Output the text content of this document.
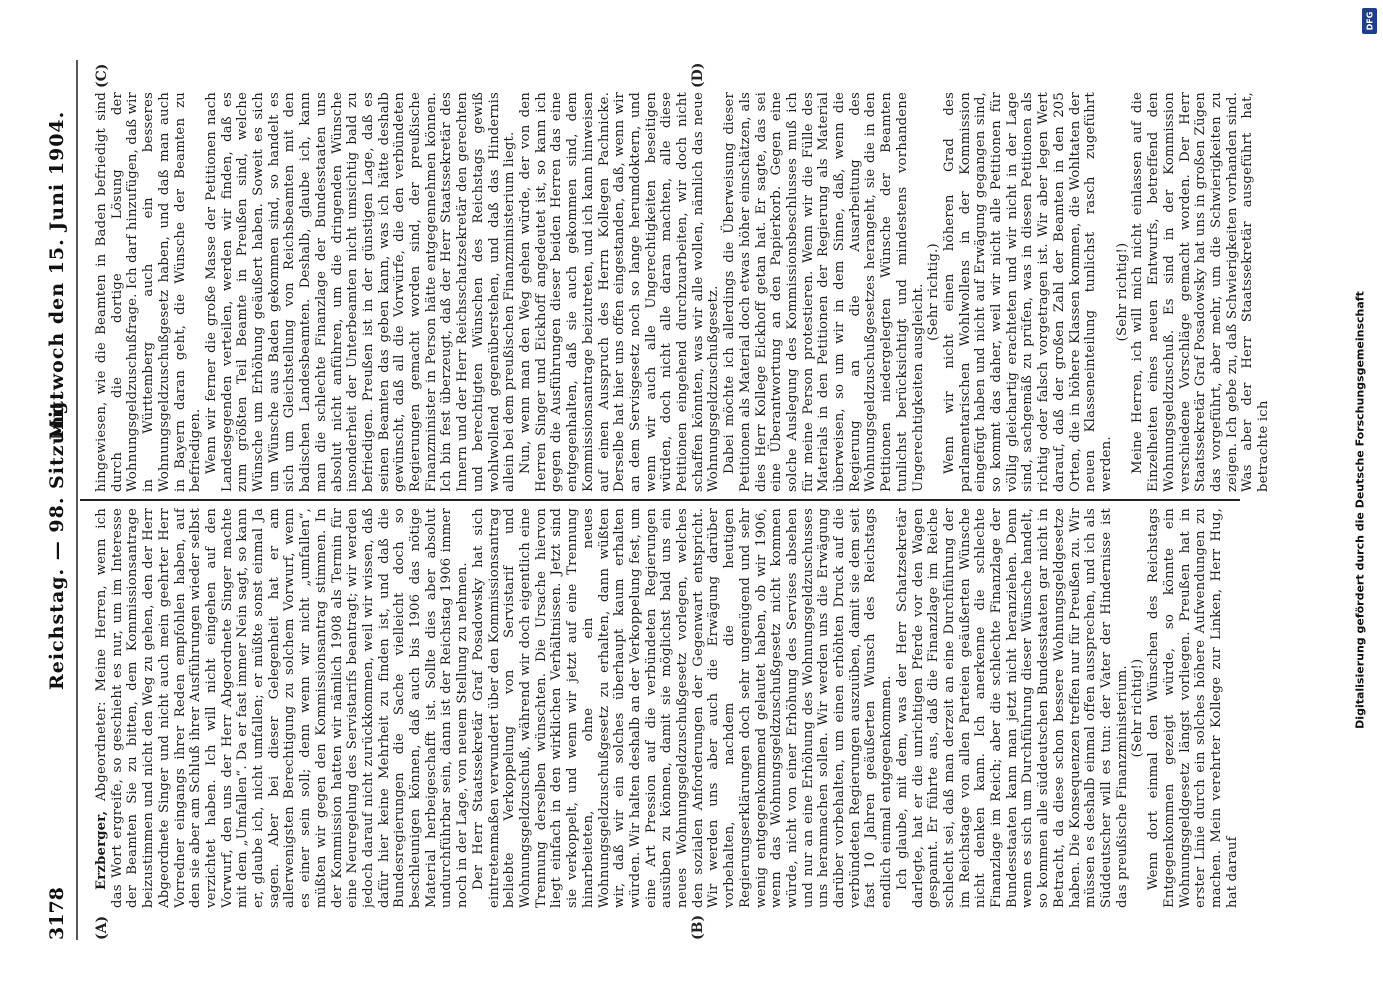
3178
Reichstag. — 98. Sitzung.
Mittwoch den 15. Juni 1904.
(A)	(B)
(C)	(D)

Erzberger, Abgeordneter: Meine Herren, wenn ich das Wort ergreife, so geschieht es nur, um im Interesse der Beamten Sie zu bitten, dem Kommissionsantrage beizustimmen und nicht den Weg zu gehen, den der Herr Abgeordnete Singer und nicht auch mein geehrter Herr Vorredner eingangs ihrer Reden empfohlen haben, auf den sie aber am Schluß ihrer Ausführungen wieder selbst verzichtet haben. Ich will nicht eingehen auf den Vorwurf, den uns der Herr Abgeordnete Singer machte mit dem „Umfallen“. Da er fast immer Nein sagt, so kann er, glaube ich, nicht umfallen; er müßte sonst einmal Ja sagen. Aber bei dieser Gelegenheit hat er am allerwenigsten Berechtigung zu solchem Vorwurf, wenn es einer sein soll; denn wenn wir nicht „umfallen“, müßten wir gegen den Kommissionsantrag stimmen. In der Kommission hatten wir nämlich 1908 als Termin für eine Neuregelung des Servistarifs beantragt; wir werden jedoch darauf nicht zurückkommen, weil wir wissen, daß dafür hier keine Mehrheit zu finden ist, und daß die Bundesregierungen die Sache vielleicht doch so beschleunigen können, daß auch bis 1906 das nötige Material herbeigeschafft ist. Sollte dies aber absolut undurchführbar sein, dann ist der Reichstag 1906 immer noch in der Lage, von neuem Stellung zu nehmen. Der Herr Staatssekretär Graf Posadowsky hat sich eintretenmaßen verwundert über den Kommissionsantrag beliebte Verkoppelung von Servistarif und Wohnungsgeldzuschuß, während wir doch eigentlich eine Trennung derselben wünschten. Die Ursache hiervon liegt einfach in den wirklichen Verhältnissen. Jetzt sind sie verkoppelt, und wenn wir jetzt auf eine Trennung hinarbeiteten, ohne ein neues Wohnungsgeldzuschußgesetz zu erhalten, dann wüßten wir, daß wir ein solches überhaupt kaum erhalten würden. Wir halten deshalb an der Verkoppelung fest, um eine Art Pression auf die verbündeten Regierungen ausüben zu können, damit sie möglichst bald uns ein neues Wohnungsgeldzuschußgesetz vorlegen, welches den sozialen Anforderungen der Gegenwart entspricht. Wir werden uns aber auch die Erwägung darüber vorbehalten, nachdem die heutigen Regierungserklärungen doch sehr ungenügend und sehr wenig entgegenkommend gelautet haben, ob wir 1906, wenn das Wohnungsgeldzuschußgesetz nicht kommen würde, nicht von einer Erhöhung des Servises absehen und nur an eine Erhöhung des Wohnungsgeldzuschusses uns heranmachen sollen. Wir werden uns die Erwägung darüber vorbehalten, um einen erhöhten Druck auf die verbündeten Regierungen auszuüben, damit sie dem seit fast 10 Jahren geäußerten Wunsch des Reichstags endlich einmal entgegenkommen. Ich glaube, mit dem, was der Herr Schatzsekretär darlegte, hat er die unrichtigen Pferde vor den Wagen gespannt. Er führte aus, daß die Finanzlage im Reiche schlecht sei, daß man derzeit an eine Durchführung der im Reichstage von allen Parteien geäußerten Wünsche nicht denken kann. Ich anerkenne die schlechte Finanzlage im Reich; aber die schlechte Finanzlage der Bundesstaaten kann man jetzt nicht heranziehen. Denn wenn es sich um Durchführung dieser Wünsche handelt, so kommen alle süddeutschen Bundesstaaten gar nicht in Betracht, da diese schon bessere Wohnungsgeldgesetze haben. Die Konsequenzen treffen nur für Preußen zu. Wir müssen es deshalb einmal offen aussprechen, und ich als Süddeutscher will es tun: der Vater der Hindernisse ist das preußische Finanzministerium. (Sehr richtig!) Wenn dort einmal den Wünschen des Reichstags Entgegenkommen gezeigt würde, so könnte ein Wohnungsgeldgesetz längst vorliegen. Preußen hat in erster Linie durch ein solches höhere Aufwendungen zu machen. Mein verehrter Kollege zur Linken, Herr Hug, hat darauf

hingewiesen, wie die Beamten in Baden befriedigt sind durch die dortige Lösung der Wohnungsgeldzuschußfrage. Ich darf hinzufügen, daß wir in Württemberg auch ein besseres Wohnungsgeldzuschußgesetz haben, und daß man auch in Bayern daran geht, die Wünsche der Beamten zu befriedigen. Wenn wir ferner die große Masse der Petitionen nach Landesgegenden verteilen, werden wir finden, daß es zum größten Teil Beamte in Preußen sind, welche Wünsche um Erhöhung geäußert haben. Soweit es sich um Wünsche aus Baden gekommen sind, so handelt es sich um Gleichstellung von Reichsbeamten mit den badischen Landesbeamten. Deshalb, glaube ich, kann man die schlechte Finanzlage der Bundesstaaten uns absolut nicht anführen, um die dringenden Wünsche insonderheit der Unterbeamten nicht umsichtig bald zu befriedigen. Preußen ist in der günstigen Lage, daß es seinen Beamten das geben kann, was ich hätte deshalb gewünscht, daß all die Vorwürfe, die den verbündeten Regierungen gemacht worden sind, der preußische Finanzminister in Person hätte entgegennehmen können. Ich bin fest überzeugt, daß der Herr Staatssekretär des Innern und der Herr Reichsschatzsekretär den gerechten und berechtigten Wünschen des Reichstags gewiß wohlwollend gegenüberstehen, und daß das Hindernis allein bei dem preußischen Finanzministerium liegt. Nun, wenn man den Weg gehen würde, der von den Herren Singer und Eickhoff angedeutet ist, so kann ich gegen die Ausführungen dieser beiden Herren das eine entgegenhalten, daß sie auch gekommen sind, dem Kommissionsantrage beizutreten, und ich kann hinweisen auf einen Ausspruch des Herrn Kollegen Pachnicke. Derselbe hat hier uns offen eingestanden, daß, wenn wir an dem Servisgesetz noch so lange herumdoktern, und wenn wir auch alle Ungerechtigkeiten beseitigen würden, doch nicht alle daran machten, alle diese Petitionen eingehend durchzuarbeiten, wir doch nicht schaffen könnten, was wir alle wollen, nämlich das neue Wohnungsgeldzuschußgesetz. Dabei möchte ich allerdings die Überweisung dieser Petitionen als Material doch etwas höher einschätzen, als dies Herr Kollege Eickhoff getan hat. Er sagte, das sei eine Überantwortung an den Papierkorb. Gegen eine solche Auslegung des Kommissionsbeschlusses muß ich für meine Person protestieren. Wenn wir die Fülle des Materials in den Petitionen der Regierung als Material überweisen, so um wir in dem Sinne, daß, wenn die Regierung an die Ausarbeitung des Wohnungsgeldzuschußgesetzes herangeht, sie die in den Petitionen niedergelegten Wünsche der Beamten tunlichst berücksichtigt und mindestens vorhandene Ungerechtigkeiten ausgleicht. (Sehr richtig.) Wenn wir nicht einen höheren Grad des parlamentarischen Wohlwollens in der Kommission eingefügt haben und nicht auf Erwägung gegangen sind, so kommt das daher, weil wir nicht alle Petitionen für völlig gleichartig erachteten und wir nicht in der Lage sind, sachgemäß zu prüfen, was in diesen Petitionen als richtig oder falsch vorgetragen ist. Wir aber legen Wert darauf, daß der großen Zahl der Beamten in den 205 Orten, die in höhere Klassen kommen, die Wohltaten der neuen Klasseneinteilung tunlichst rasch zugeführt werden.

(Sehr richtig!) Meine Herren, ich will mich nicht einlassen auf die Einzelheiten eines neuen Entwurfs, betreffend den Wohnungsgeldzuschuß. Es sind in der Kommission verschiedene Vorschläge gemacht worden. Der Herr Staatssekretär Graf Posadowsky hat uns in großen Zügen das vorgeführt, aber mehr, um die Schwierigkeiten zu zeigen. Ich gebe zu, daß Schwierigkeiten vorhanden sind. Was aber der Herr Staatssekretär ausgeführt hat, betrachte ich	Digitalisierung gefördert durch die Deutsche Forschungsgemeinschaft
DFG
